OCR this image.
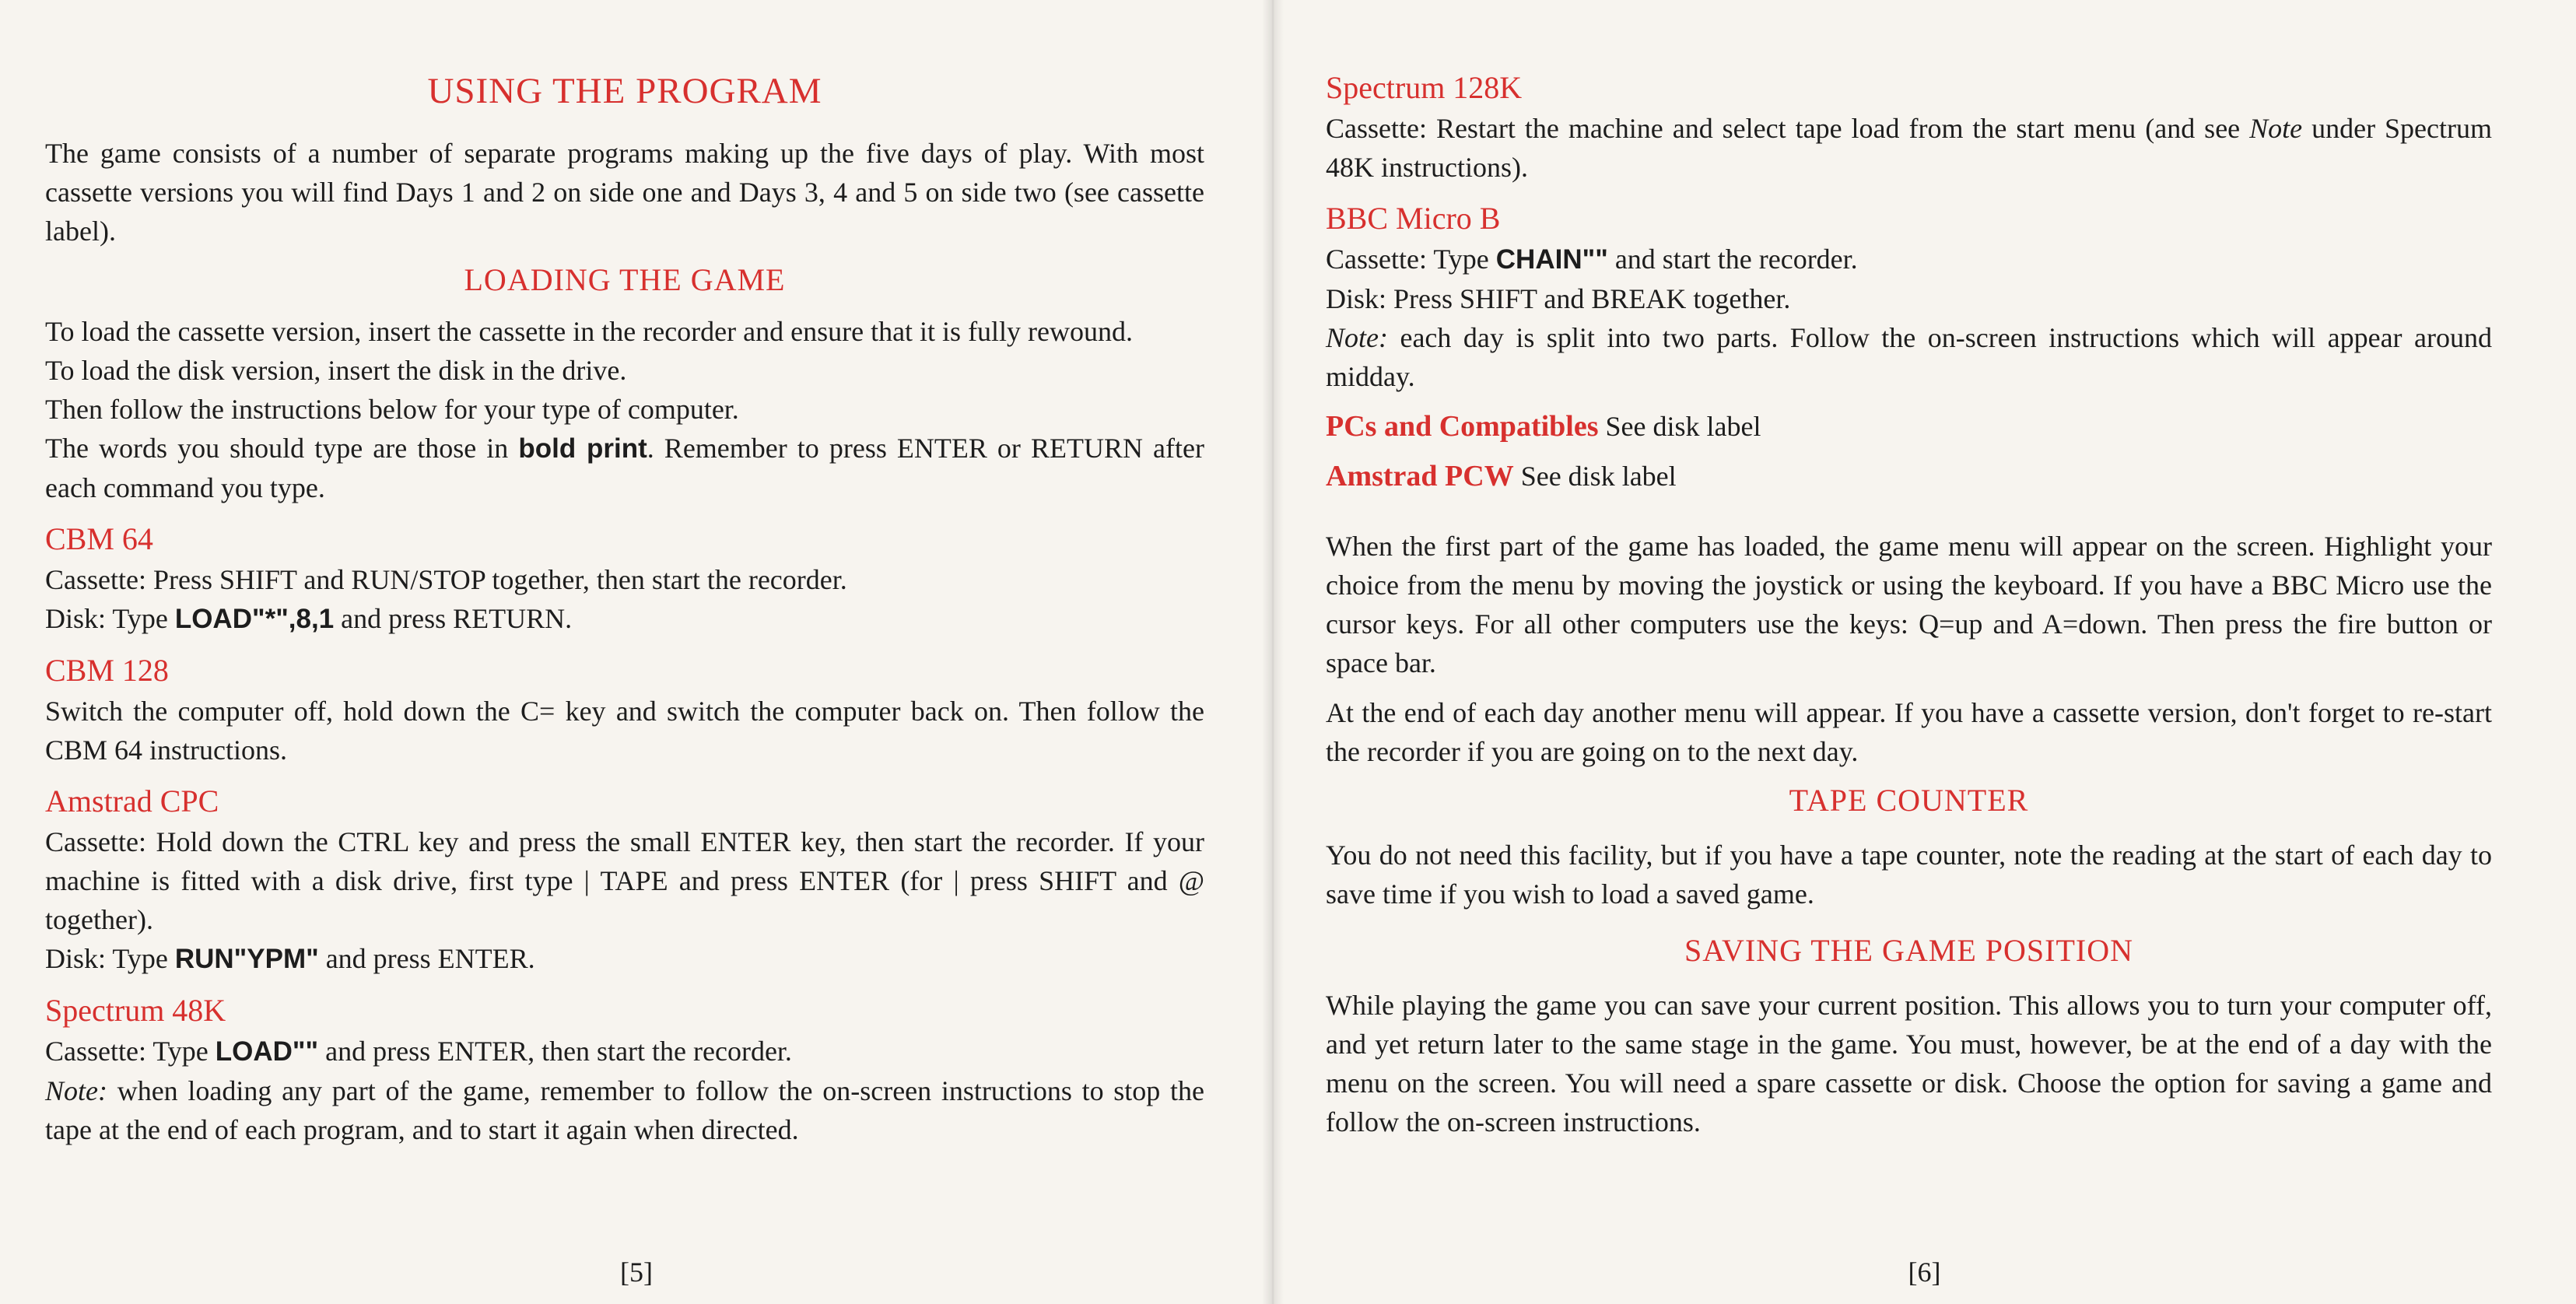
USING THE PROGRAM

The game consists of a number of separate programs making up the five days of play. With most cassette versions you will find Days 1 and 2 on side one and Days 3, 4 and 5 on side two (see cassette label).

LOADING THE GAME

To load the cassette version, insert the cassette in the recorder and ensure that it is fully rewound.

To load the disk version, insert the disk in the drive.

Then follow the instructions below for your type of computer.

The words you should type are those in bold print. Remember to press ENTER or RETURN after each command you type.

CBM 64

Cassette: Press SHIFT and RUN/STOP together, then start the recorder.

Disk: Type LOAD"*",8,1 and press RETURN.

CBM 128

Switch the computer off, hold down the C= key and switch the computer back on. Then follow the CBM 64 instructions.

Amstrad CPC

Cassette: Hold down the CTRL key and press the small ENTER key, then start the recorder. If your machine is fitted with a disk drive, first type | TAPE and press ENTER (for | press SHIFT and @ together).

Disk: Type RUN"YPM" and press ENTER.

Spectrum 48K

Cassette: Type LOAD"" and press ENTER, then start the recorder.

Note: when loading any part of the game, remember to follow the on-screen instructions to stop the tape at the end of each program, and to start it again when directed.

[5]
Spectrum 128K

Cassette: Restart the machine and select tape load from the start menu (and see Note under Spectrum 48K instructions).

BBC Micro B

Cassette: Type CHAIN"" and start the recorder.

Disk: Press SHIFT and BREAK together.

Note: each day is split into two parts. Follow the on-screen instructions which will appear around midday.

PCs and Compatibles See disk label

Amstrad PCW See disk label

When the first part of the game has loaded, the game menu will appear on the screen. Highlight your choice from the menu by moving the joystick or using the keyboard. If you have a BBC Micro use the cursor keys. For all other computers use the keys: Q=up and A=down. Then press the fire button or space bar.

At the end of each day another menu will appear. If you have a cassette version, don't forget to re-start the recorder if you are going on to the next day.

TAPE COUNTER

You do not need this facility, but if you have a tape counter, note the reading at the start of each day to save time if you wish to load a saved game.

SAVING THE GAME POSITION

While playing the game you can save your current position. This allows you to turn your computer off, and yet return later to the same stage in the game. You must, however, be at the end of a day with the menu on the screen. You will need a spare cassette or disk. Choose the option for saving a game and follow the on-screen instructions.

[6]
